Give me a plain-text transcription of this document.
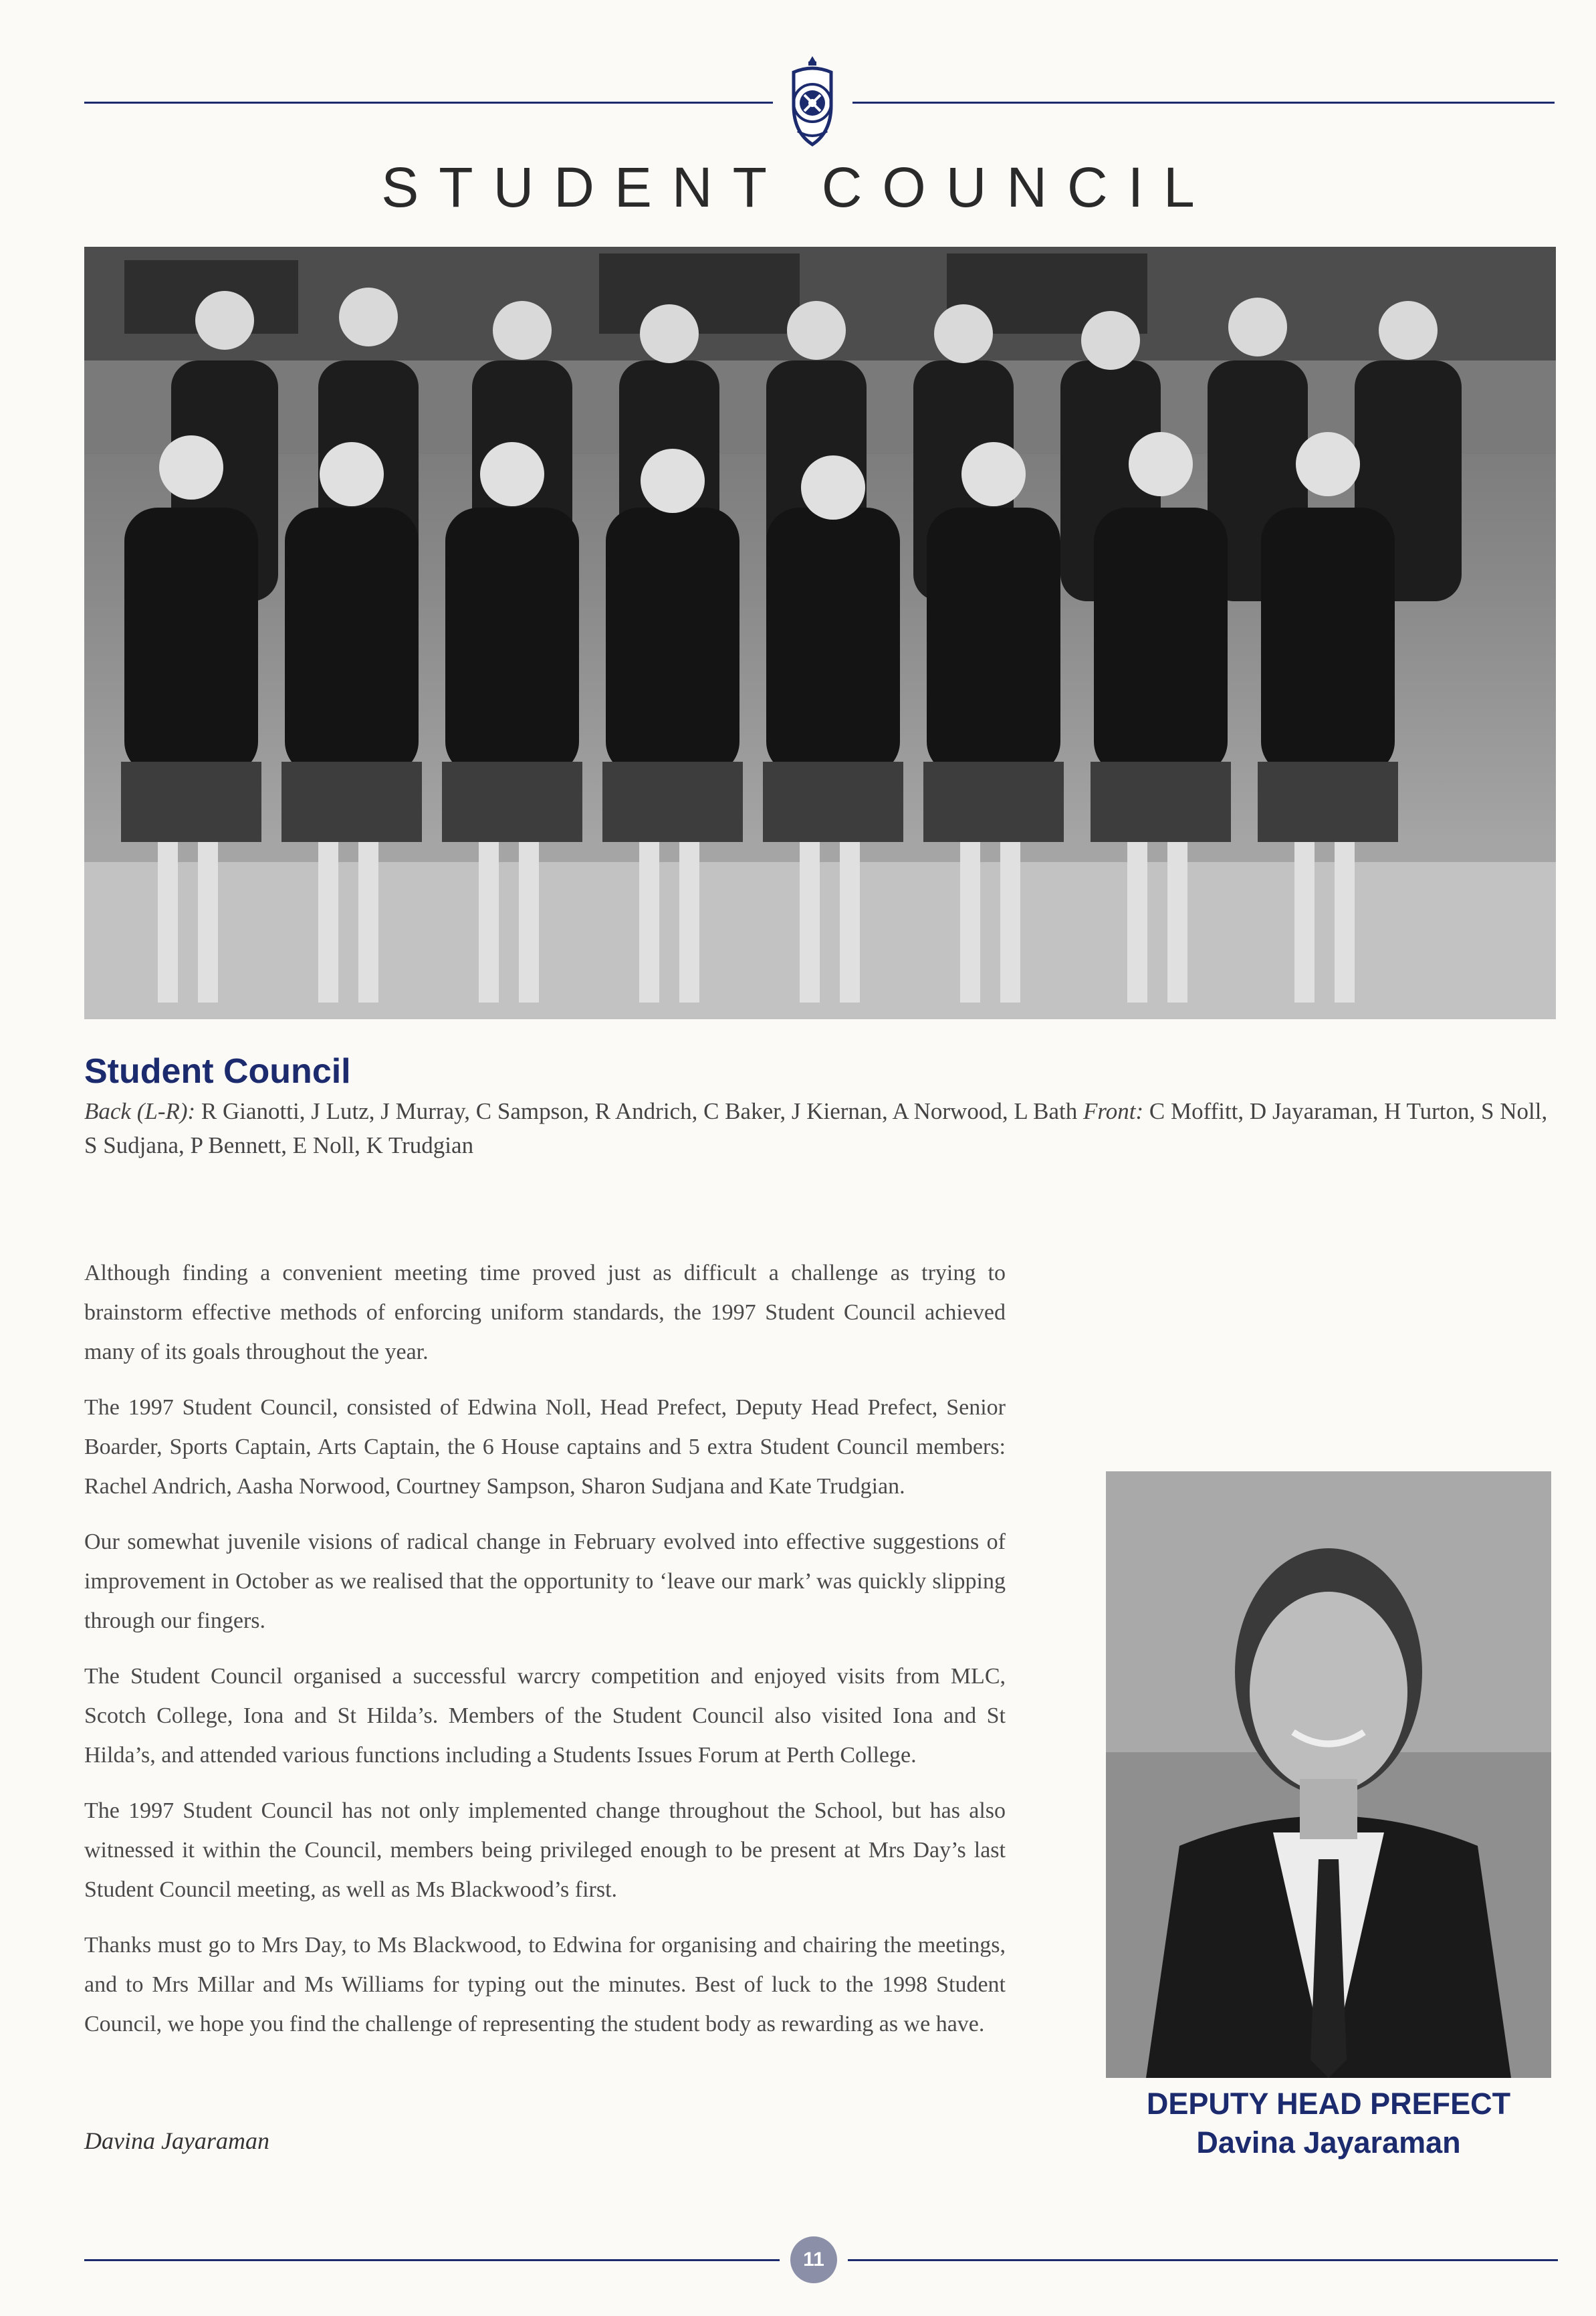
STUDENT COUNCIL
Student Council
Back (L-R): R Gianotti, J Lutz, J Murray, C Sampson, R Andrich, C Baker, J Kiernan, A Norwood, L Bath Front: C Moffitt, D Jayaraman, H Turton, S Noll, S Sudjana, P Bennett, E Noll, K Trudgian

Although finding a convenient meeting time proved just as difficult a challenge as trying to brainstorm effective methods of enforcing uniform standards, the 1997 Student Council achieved many of its goals throughout the year.

The 1997 Student Council, consisted of Edwina Noll, Head Prefect, Deputy Head Prefect, Senior Boarder, Sports Captain, Arts Captain, the 6 House captains and 5 extra Student Council members: Rachel Andrich, Aasha Norwood, Courtney Sampson, Sharon Sudjana and Kate Trudgian.

Our somewhat juvenile visions of radical change in February evolved into effective suggestions of improvement in October as we realised that the opportunity to ‘leave our mark’ was quickly slipping through our fingers.

The Student Council organised a successful warcry competition and enjoyed visits from MLC, Scotch College, Iona and St Hilda’s. Members of the Student Council also visited Iona and St Hilda’s, and attended various functions including a Students Issues Forum at Perth College.

The 1997 Student Council has not only implemented change throughout the School, but has also witnessed it within the Council, members being privileged enough to be present at Mrs Day’s last Student Council meeting, as well as Ms Blackwood’s first.

Thanks must go to Mrs Day, to Ms Blackwood, to Edwina for organising and chairing the meetings, and to Mrs Millar and Ms Williams for typing out the minutes. Best of luck to the 1998 Student Council, we hope you find the challenge of representing the student body as rewarding as we have.

Davina Jayaraman
DEPUTY HEAD PREFECT
Davina Jayaraman
11
